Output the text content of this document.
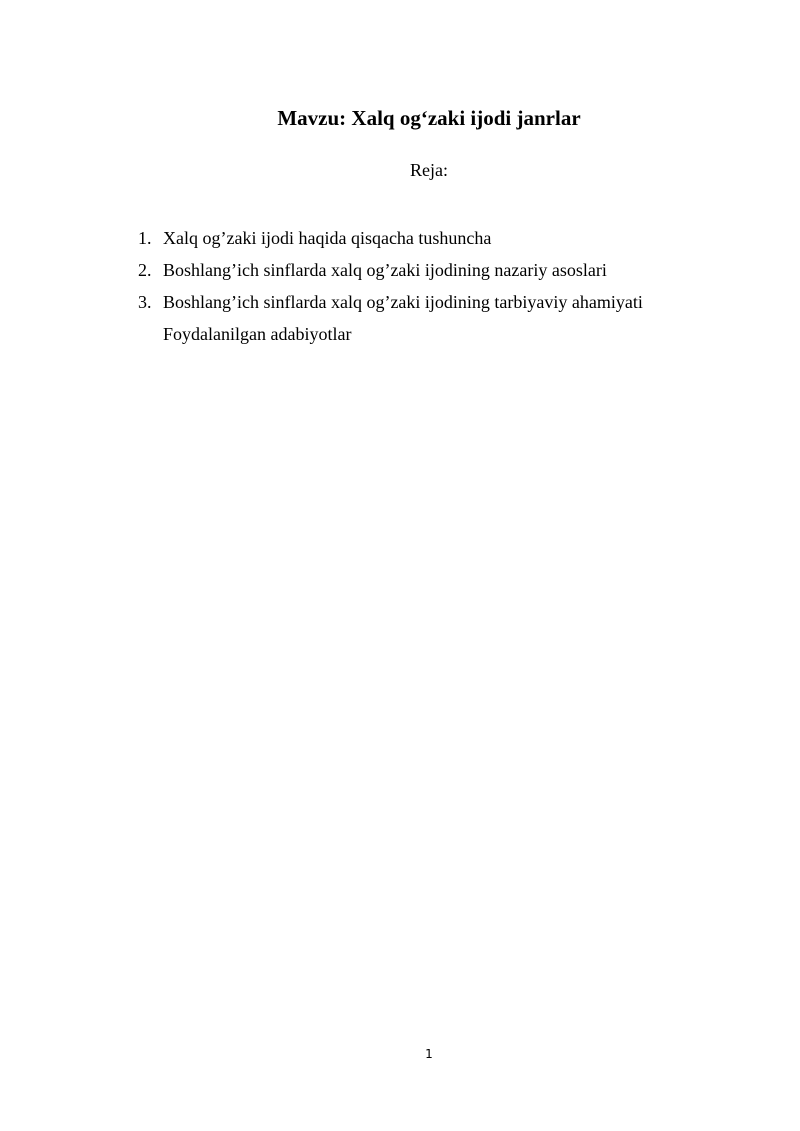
Mavzu: Xalq og‘zaki ijodi janrlar
Reja:
1. Xalq og’zaki ijodi haqida qisqacha tushuncha
2. Boshlang’ich sinflarda xalq og’zaki ijodining nazariy asoslari
3. Boshlang’ich sinflarda xalq og’zaki ijodining tarbiyaviy ahamiyati
Foydalanilgan adabiyotlar
1
